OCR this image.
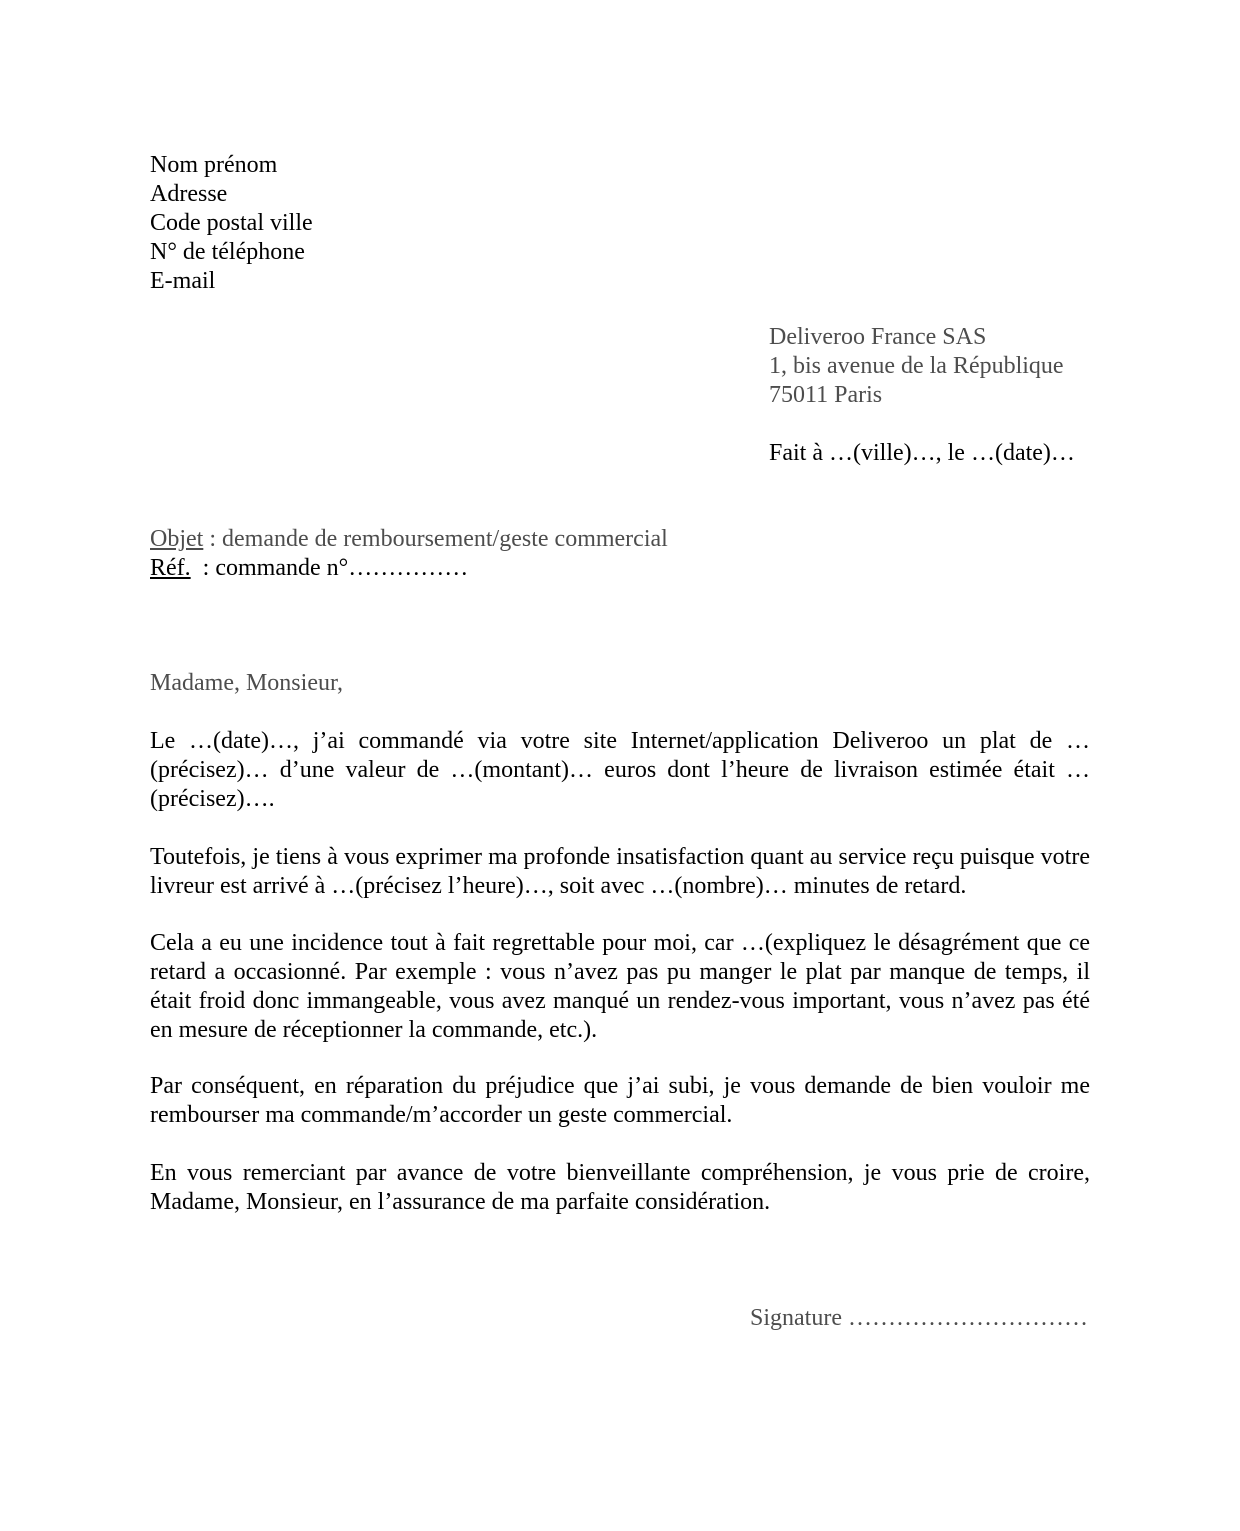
Nom prénom
Adresse
Code postal ville
N° de téléphone
E-mail
Deliveroo France SAS
1, bis avenue de la République
75011 Paris
Fait à …(ville)…, le …(date)…
Objet : demande de remboursement/geste commercial
Réf.  : commande n°……………
Madame, Monsieur,

Le …(date)…, j’ai commandé via votre site Internet/application Deliveroo un plat de …(précisez)… d’une valeur de …(montant)… euros dont l’heure de livraison estimée était …(précisez)….

Toutefois, je tiens à vous exprimer ma profonde insatisfaction quant au service reçu puisque votre livreur est arrivé à …(précisez l’heure)…, soit avec …(nombre)… minutes de retard.

Cela a eu une incidence tout à fait regrettable pour moi, car …(expliquez le désagrément que ce retard a occasionné. Par exemple : vous n’avez pas pu manger le plat par manque de temps, il était froid donc immangeable, vous avez manqué un rendez-vous important, vous n’avez pas été en mesure de réceptionner la commande, etc.).

Par conséquent, en réparation du préjudice que j’ai subi, je vous demande de bien vouloir me rembourser ma commande/m’accorder un geste commercial.

En vous remerciant par avance de votre bienveillante compréhension, je vous prie de croire, Madame, Monsieur, en l’assurance de ma parfaite considération.

Signature …………………………
